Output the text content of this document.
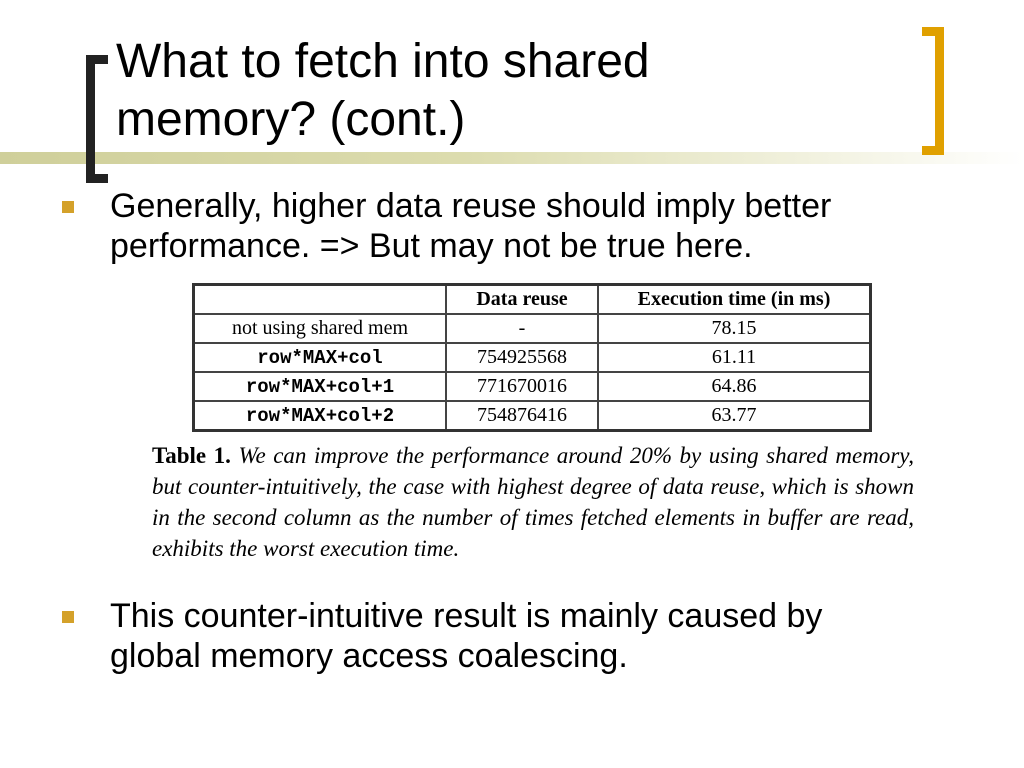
What to fetch into shared
memory? (cont.)
Generally, higher data reuse should imply better
performance. => But may not be true here.
	Data reuse	Execution time (in ms)
not using shared mem	-	78.15
row*MAX+col	754925568	61.11
row*MAX+col+1	771670016	64.86
row*MAX+col+2	754876416	63.77
Table 1. We can improve the performance around 20% by using shared memory, but counter-intuitively, the case with highest degree of data reuse, which is shown in the second column as the number of times fetched elements in buffer are read, exhibits the worst execution time.
This counter-intuitive result is mainly caused by
global memory access coalescing.
